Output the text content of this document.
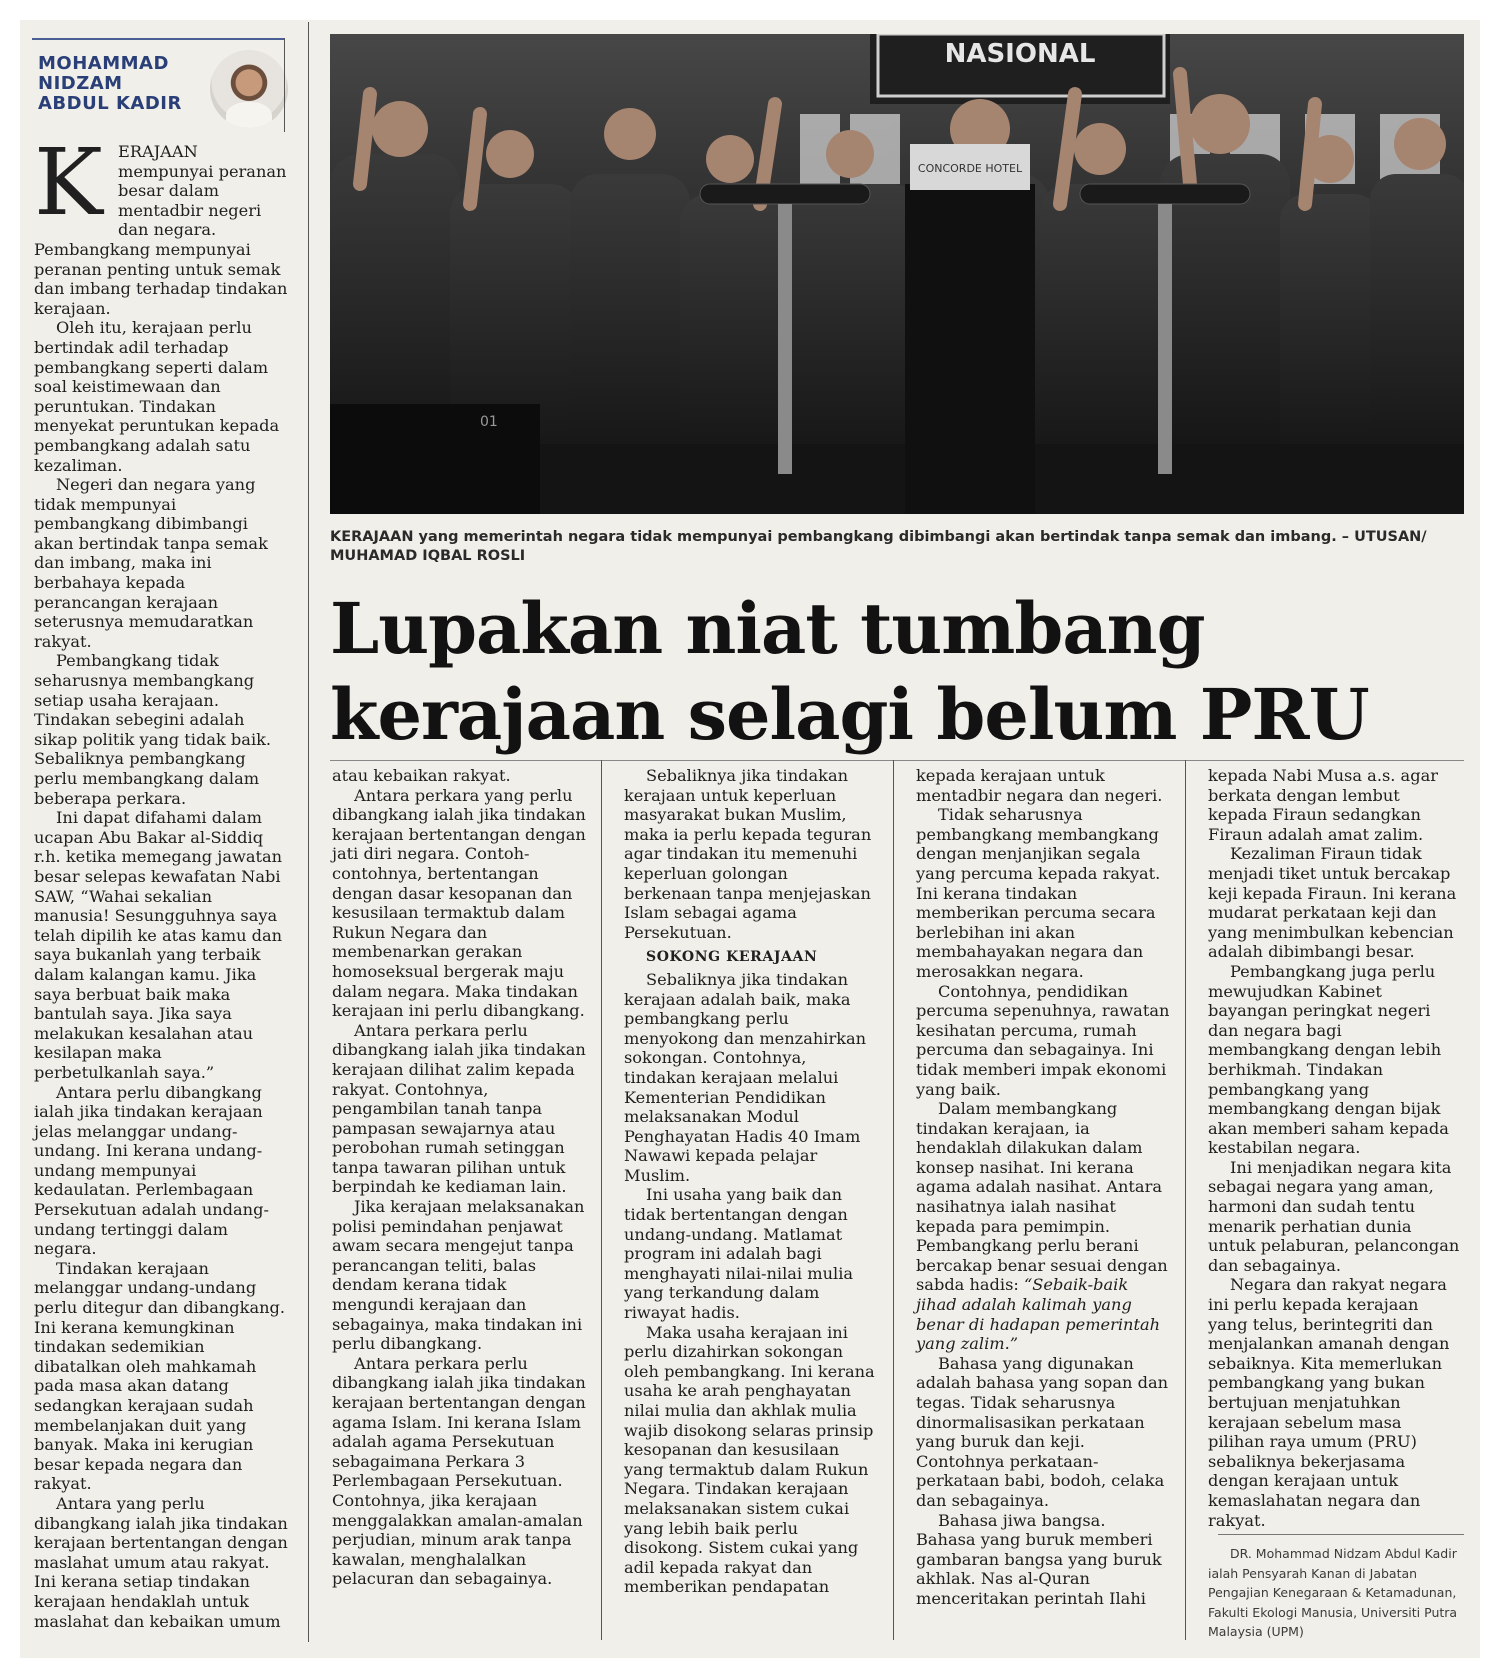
MOHAMMAD
NIDZAM
ABDUL KADIR

KERAJAAN mempunyai peranan besar dalam mentadbir negeri dan negara. Pembangkang mempunyai peranan penting untuk semak dan imbang terhadap tindakan kerajaan.

Oleh itu, kerajaan perlu bertindak adil terhadap pembangkang seperti dalam soal keistimewaan dan peruntukan. Tindakan menyekat peruntukan kepada pembangkang adalah satu kezaliman.

Negeri dan negara yang tidak mempunyai pembangkang dibimbangi akan bertindak tanpa semak dan imbang, maka ini berbahaya kepada perancangan kerajaan seterusnya memudaratkan rakyat.

Pembangkang tidak seharusnya membangkang setiap usaha kerajaan. Tindakan sebegini adalah sikap politik yang tidak baik. Sebaliknya pembangkang perlu membangkang dalam beberapa perkara.

Ini dapat difahami dalam ucapan Abu Bakar al-Siddiq r.h. ketika memegang jawatan besar selepas kewafatan Nabi SAW, “Wahai sekalian manusia! Sesungguhnya saya telah dipilih ke atas kamu dan saya bukanlah yang terbaik dalam kalangan kamu. Jika saya berbuat baik maka bantulah saya. Jika saya melakukan kesalahan atau kesilapan maka perbetulkanlah saya.”

Antara perlu dibangkang ialah jika tindakan kerajaan jelas melanggar undang-undang. Ini kerana undang-undang mempunyai kedaulatan. Perlembagaan Persekutuan adalah undang-undang tertinggi dalam negara.

Tindakan kerajaan melanggar undang-undang perlu ditegur dan dibangkang. Ini kerana kemungkinan tindakan sedemikian dibatalkan oleh mahkamah pada masa akan datang sedangkan kerajaan sudah membelanjakan duit yang banyak. Maka ini kerugian besar kepada negara dan rakyat.

Antara yang perlu dibangkang ialah jika tindakan kerajaan bertentangan dengan maslahat umum atau rakyat. Ini kerana setiap tindakan kerajaan hendaklah untuk maslahat dan kebaikan umum

NASIONAL
CONCORDE HOTEL
01
KERAJAAN yang memerintah negara tidak mempunyai pembangkang dibimbangi akan bertindak tanpa semak dan imbang. – UTUSAN/ MUHAMAD IQBAL ROSLI
Lupakan niat tumbang
kerajaan selagi belum PRU

atau kebaikan rakyat.

Antara perkara yang perlu dibangkang ialah jika tindakan kerajaan bertentangan dengan jati diri negara. Contoh-contohnya, bertentangan dengan dasar kesopanan dan kesusilaan termaktub dalam Rukun Negara dan membenarkan gerakan homoseksual bergerak maju dalam negara. Maka tindakan kerajaan ini perlu dibangkang.

Antara perkara perlu dibangkang ialah jika tindakan kerajaan dilihat zalim kepada rakyat. Contohnya, pengambilan tanah tanpa pampasan sewajarnya atau perobohan rumah setinggan tanpa tawaran pilihan untuk berpindah ke kediaman lain.

Jika kerajaan melaksanakan polisi pemindahan penjawat awam secara mengejut tanpa perancangan teliti, balas dendam kerana tidak mengundi kerajaan dan sebagainya, maka tindakan ini perlu dibangkang.

Antara perkara perlu dibangkang ialah jika tindakan kerajaan bertentangan dengan agama Islam. Ini kerana Islam adalah agama Persekutuan sebagaimana Perkara 3 Perlembagaan Persekutuan. Contohnya, jika kerajaan menggalakkan amalan-amalan perjudian, minum arak tanpa kawalan, menghalalkan pelacuran dan sebagainya.

Sebaliknya jika tindakan kerajaan untuk keperluan masyarakat bukan Muslim, maka ia perlu kepada teguran agar tindakan itu memenuhi keperluan golongan berkenaan tanpa menjejaskan Islam sebagai agama Persekutuan.

SOKONG KERAJAAN

Sebaliknya jika tindakan kerajaan adalah baik, maka pembangkang perlu menyokong dan menzahirkan sokongan. Contohnya, tindakan kerajaan melalui Kementerian Pendidikan melaksanakan Modul Penghayatan Hadis 40 Imam Nawawi kepada pelajar Muslim.

Ini usaha yang baik dan tidak bertentangan dengan undang-undang. Matlamat program ini adalah bagi menghayati nilai-nilai mulia yang terkandung dalam riwayat hadis.

Maka usaha kerajaan ini perlu dizahirkan sokongan oleh pembangkang. Ini kerana usaha ke arah penghayatan nilai mulia dan akhlak mulia wajib disokong selaras prinsip kesopanan dan kesusilaan yang termaktub dalam Rukun Negara. Tindakan kerajaan melaksanakan sistem cukai yang lebih baik perlu disokong. Sistem cukai yang adil kepada rakyat dan memberikan pendapatan

kepada kerajaan untuk mentadbir negara dan negeri.

Tidak seharusnya pembangkang membangkang dengan menjanjikan segala yang percuma kepada rakyat. Ini kerana tindakan memberikan percuma secara berlebihan ini akan membahayakan negara dan merosakkan negara.

Contohnya, pendidikan percuma sepenuhnya, rawatan kesihatan percuma, rumah percuma dan sebagainya. Ini tidak memberi impak ekonomi yang baik.

Dalam membangkang tindakan kerajaan, ia hendaklah dilakukan dalam konsep nasihat. Ini kerana agama adalah nasihat. Antara nasihatnya ialah nasihat kepada para pemimpin. Pembangkang perlu berani bercakap benar sesuai dengan sabda hadis: “Sebaik-baik jihad adalah kalimah yang benar di hadapan pemerintah yang zalim.”

Bahasa yang digunakan adalah bahasa yang sopan dan tegas. Tidak seharusnya dinormalisasikan perkataan yang buruk dan keji. Contohnya perkataan-perkataan babi, bodoh, celaka dan sebagainya.

Bahasa jiwa bangsa. Bahasa yang buruk memberi gambaran bangsa yang buruk akhlak. Nas al-Quran menceritakan perintah Ilahi

kepada Nabi Musa a.s. agar berkata dengan lembut kepada Firaun sedangkan Firaun adalah amat zalim.

Kezaliman Firaun tidak menjadi tiket untuk bercakap keji kepada Firaun. Ini kerana mudarat perkataan keji dan yang menimbulkan kebencian adalah dibimbangi besar.

Pembangkang juga perlu mewujudkan Kabinet bayangan peringkat negeri dan negara bagi membangkang dengan lebih berhikmah. Tindakan pembangkang yang membangkang dengan bijak akan memberi saham kepada kestabilan negara.

Ini menjadikan negara kita sebagai negara yang aman, harmoni dan sudah tentu menarik perhatian dunia untuk pelaburan, pelancongan dan sebagainya.

Negara dan rakyat negara ini perlu kepada kerajaan yang telus, berintegriti dan menjalankan amanah dengan sebaiknya. Kita memerlukan pembangkang yang bukan bertujuan menjatuhkan kerajaan sebelum masa pilihan raya umum (PRU) sebaliknya bekerjasama dengan kerajaan untuk kemaslahatan negara dan rakyat.

DR. Mohammad Nidzam Abdul Kadir ialah Pensyarah Kanan di Jabatan Pengajian Kenegaraan & Ketamadunan, Fakulti Ekologi Manusia, Universiti Putra Malaysia (UPM)
